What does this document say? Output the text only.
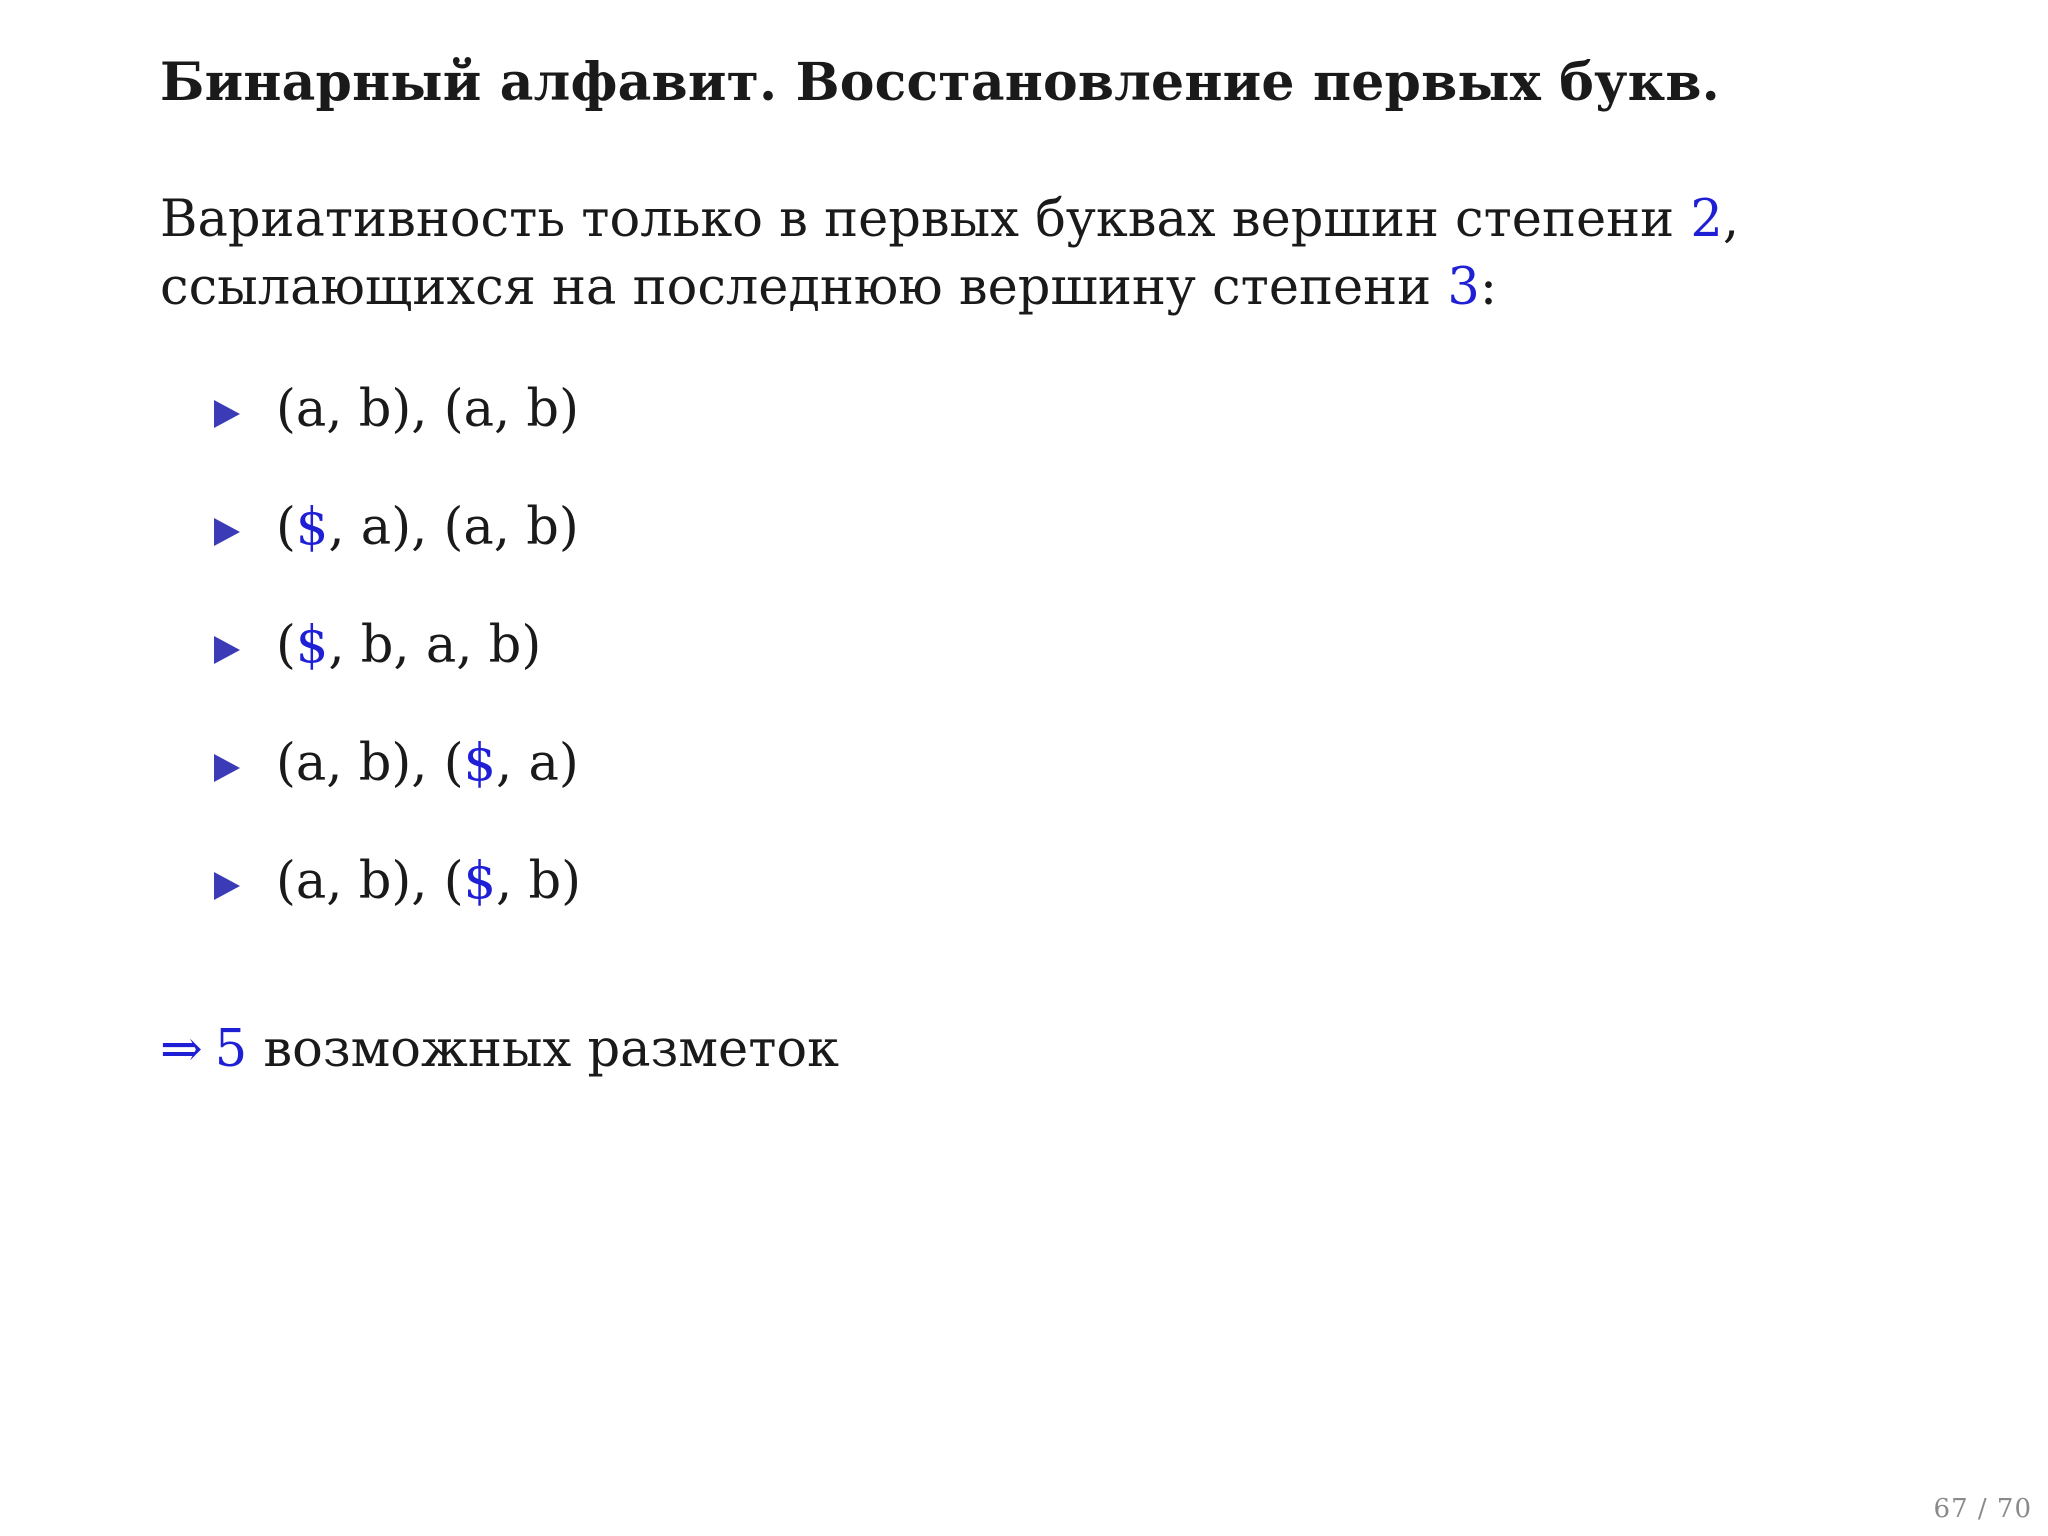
Бинарный алфавит. Восстановление первых букв.
Вариативность только в первых буквах вершин степени 2,
ссылающихся на последнюю вершину степени 3:
(a, b), (a, b)
($, a), (a, b)
($, b, a, b)
(a, b), ($, a)
(a, b), ($, b)
⇒ 5 возможных разметок
67 / 70
